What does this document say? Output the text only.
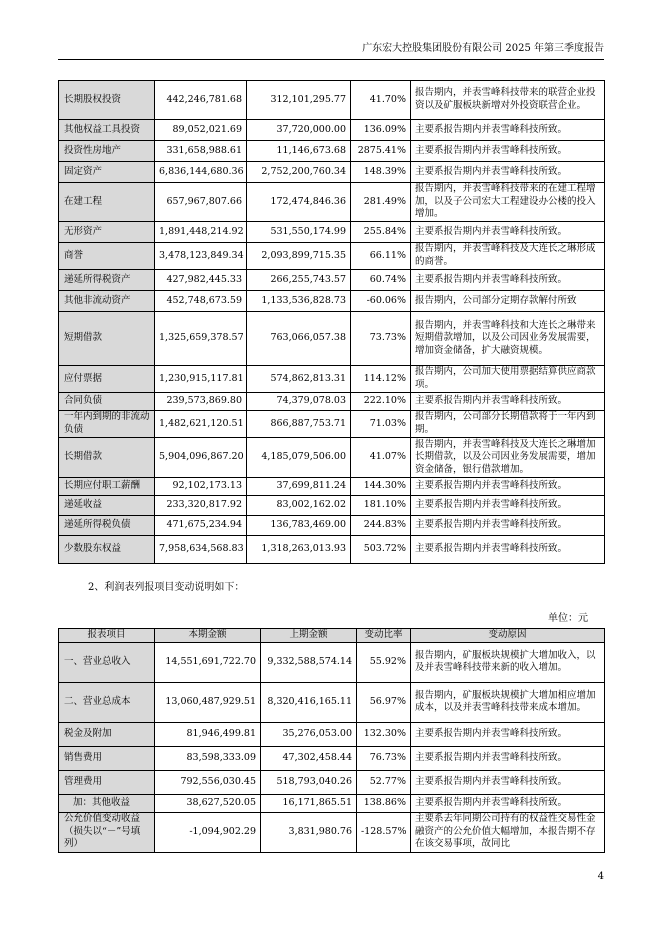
广东宏大控股集团股份有限公司 2025 年第三季度报告
长期股权投资	442,246,781.68	312,101,295.77	41.70%	报告期内，并表雪峰科技带来的联营企业投资以及矿服板块新增对外投资联营企业。
其他权益工具投资	89,052,021.69	37,720,000.00	136.09%	主要系报告期内并表雪峰科技所致。
投资性房地产	331,658,988.61	11,146,673.68	2875.41%	主要系报告期内并表雪峰科技所致。
固定资产	6,836,144,680.36	2,752,200,760.34	148.39%	主要系报告期内并表雪峰科技所致。
在建工程	657,967,807.66	172,474,846.36	281.49%	报告期内，并表雪峰科技带来的在建工程增加，以及子公司宏大工程建设办公楼的投入增加。
无形资产	1,891,448,214.92	531,550,174.99	255.84%	主要系报告期内并表雪峰科技所致。
商誉	3,478,123,849.34	2,093,899,715.35	66.11%	报告期内，并表雪峰科技及大连长之琳形成的商誉。
递延所得税资产	427,982,445.33	266,255,743.57	60.74%	主要系报告期内并表雪峰科技所致。
其他非流动资产	452,748,673.59	1,133,536,828.73	-60.06%	报告期内，公司部分定期存款解付所致
短期借款	1,325,659,378.57	763,066,057.38	73.73%	报告期内，并表雪峰科技和大连长之琳带来短期借款增加，以及公司因业务发展需要，增加资金储备，扩大融资规模。
应付票据	1,230,915,117.81	574,862,813.31	114.12%	报告期内，公司加大使用票据结算供应商款项。
合同负债	239,573,869.80	74,379,078.03	222.10%	主要系报告期内并表雪峰科技所致。
一年内到期的非流动负债	1,482,621,120.51	866,887,753.71	71.03%	报告期内，公司部分长期借款将于一年内到期。
长期借款	5,904,096,867.20	4,185,079,506.00	41.07%	报告期内，并表雪峰科技及大连长之琳增加长期借款，以及公司因业务发展需要，增加资金储备，银行借款增加。
长期应付职工薪酬	92,102,173.13	37,699,811.24	144.30%	主要系报告期内并表雪峰科技所致。
递延收益	233,320,817.92	83,002,162.02	181.10%	主要系报告期内并表雪峰科技所致。
递延所得税负债	471,675,234.94	136,783,469.00	244.83%	主要系报告期内并表雪峰科技所致。
少数股东权益	7,958,634,568.83	1,318,263,013.93	503.72%	主要系报告期内并表雪峰科技所致。
2、利润表列报项目变动说明如下：
单位：元
报表项目	本期金额	上期金额	变动比率	变动原因
一、营业总收入	14,551,691,722.70	9,332,588,574.14	55.92%	报告期内，矿服板块规模扩大增加收入，以及并表雪峰科技带来新的收入增加。
二、营业总成本	13,060,487,929.51	8,320,416,165.11	56.97%	报告期内，矿服板块规模扩大增加相应增加成本，以及并表雪峰科技带来成本增加。
税金及附加	81,946,499.81	35,276,053.00	132.30%	主要系报告期内并表雪峰科技所致。
销售费用	83,598,333.09	47,302,458.44	76.73%	主要系报告期内并表雪峰科技所致。
管理费用	792,556,030.45	518,793,040.26	52.77%	主要系报告期内并表雪峰科技所致。
加：其他收益	38,627,520.05	16,171,865.51	138.86%	主要系报告期内并表雪峰科技所致。
公允价值变动收益（损失以“－”号填列）	-1,094,902.29	3,831,980.76	-128.57%	主要系去年同期公司持有的权益性交易性金融资产的公允价值大幅增加，本报告期不存在该交易事项，故同比
4
